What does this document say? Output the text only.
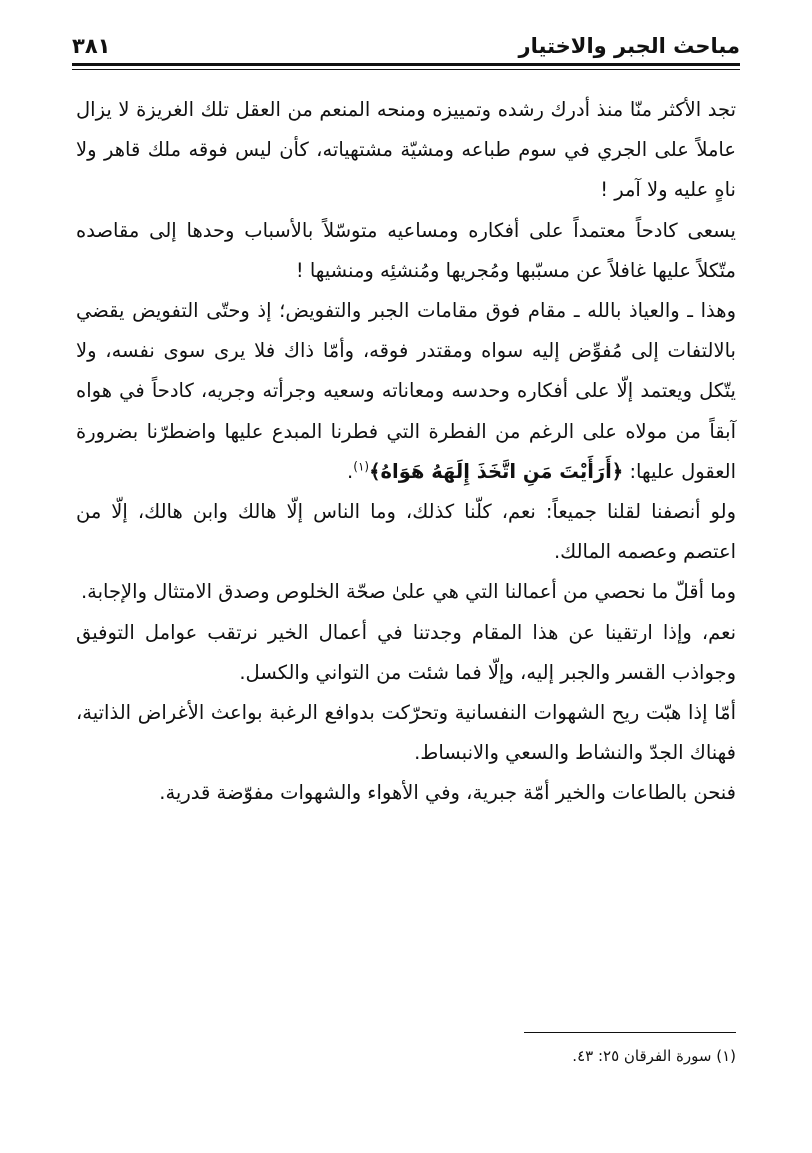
مباحث الجبر والاختيار
٣٨١

تجد الأكثر منّا منذ أدرك رشده وتمييزه ومنحه المنعم من العقل تلك الغريزة لا يزال عاملاً على الجري في سوم طباعه ومشيّة مشتهياته، كأن ليس فوقه ملك قاهر ولا ناهٍ عليه ولا آمر !

يسعى كادحاً معتمداً على أفكاره ومساعيه متوسّلاً بالأسباب وحدها إلى مقاصده متّكلاً عليها غافلاً عن مسبّبها ومُجريها ومُنشئِه ومنشيها !

وهذا ـ والعياذ بالله ـ مقام فوق مقامات الجبر والتفويض؛ إذ وحتّى التفويض يقضي بالالتفات إلى مُفوِّض إليه سواه ومقتدر فوقه، وأمّا ذاك فلا يرى سوى نفسه، ولا يتّكل ويعتمد إلّا على أفكاره وحدسه ومعاناته وسعيه وجرأته وجريه، كادحاً في هواه آبقاً من مولاه على الرغم من الفطرة التي فطرنا المبدع عليها واضطرّنا بضرورة العقول عليها: ﴿أَرَأَيْتَ مَنِ اتَّخَذَ إِلَهَهُ هَوَاهُ﴾$^{(١)}$.

ولو أنصفنا لقلنا جميعاً: نعم، كلّنا كذلك، وما الناس إلّا هالك وابن هالك، إلّا من اعتصم وعصمه المالك.

وما أقلّ ما نحصي من أعمالنا التي هي علىٰ صحّة الخلوص وصدق الامتثال والإجابة.

نعم، وإذا ارتقينا عن هذا المقام وجدتنا في أعمال الخير نرتقب عوامل التوفيق وجواذب القسر والجبر إليه، وإلّا فما شئت من التواني والكسل.

أمّا إذا هبّت ريح الشهوات النفسانية وتحرّكت بدوافع الرغبة بواعث الأغراض الذاتية، فهناك الجدّ والنشاط والسعي والانبساط.

فنحن بالطاعات والخير أمّة جبرية، وفي الأهواء والشهوات مفوّضة قدرية.

(١) سورة الفرقان ٢٥: ٤٣.
